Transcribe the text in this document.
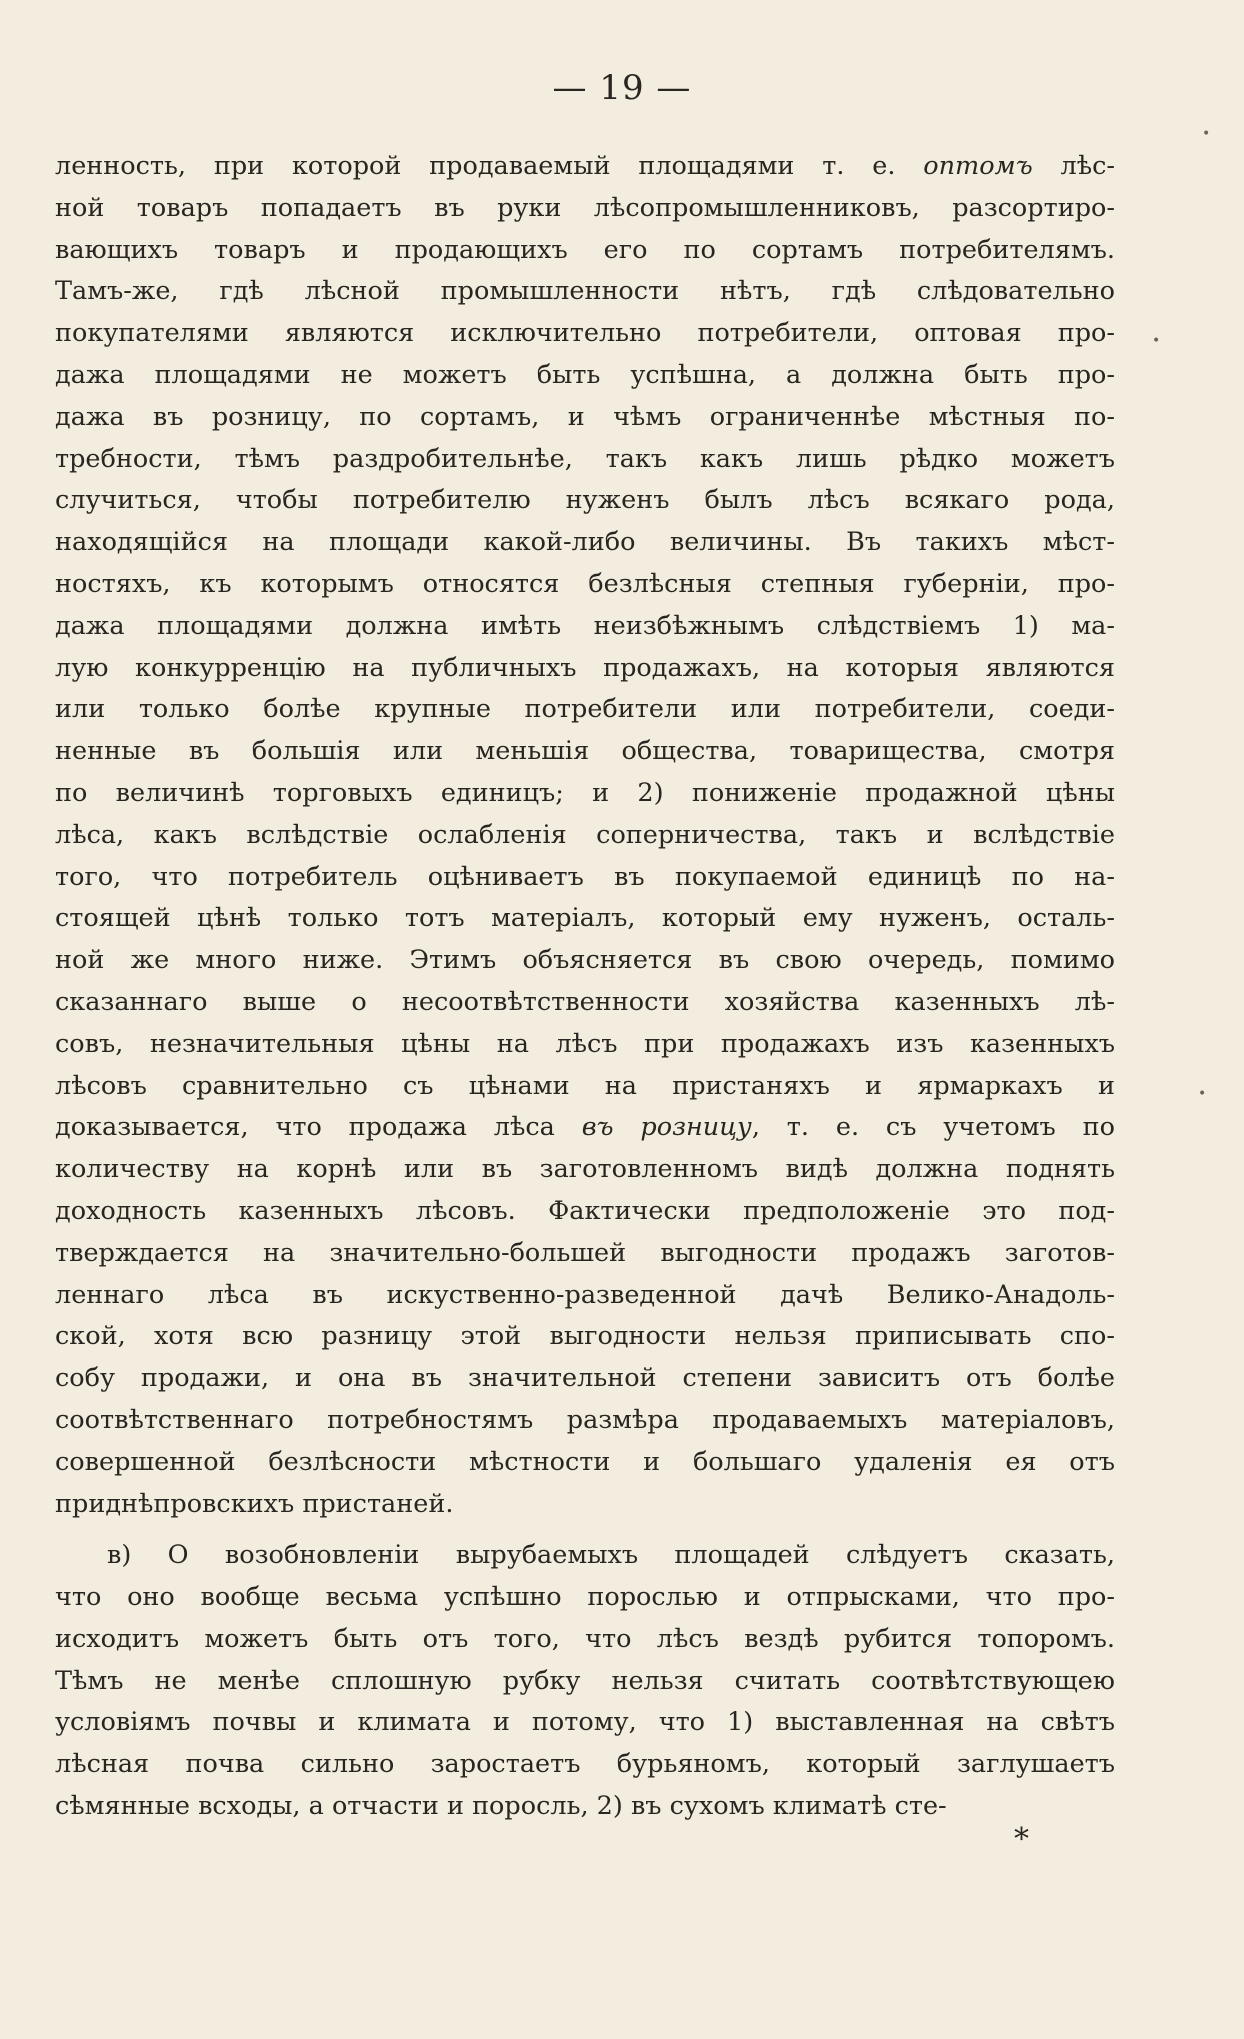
— 19 —
ленность, при которой продаваемый площадями т. е. оптомъ лѣс-
ной товаръ попадаетъ въ руки лѣсопромышленниковъ, разсортиро-
вающихъ товаръ и продающихъ его по сортамъ потребителямъ.
Тамъ-же, гдѣ лѣсной промышленности нѣтъ, гдѣ слѣдовательно
покупателями являются исключительно потребители, оптовая про-
дажа площадями не можетъ быть успѣшна, а должна быть про-
дажа въ розницу, по сортамъ, и чѣмъ ограниченнѣе мѣстныя по-
требности, тѣмъ раздробительнѣе, такъ какъ лишь рѣдко можетъ
случиться, чтобы потребителю нуженъ былъ лѣсъ всякаго рода,
находящійся на площади какой-либо величины. Въ такихъ мѣст-
ностяхъ, къ которымъ относятся безлѣсныя степныя губерніи, про-
дажа площадями должна имѣть неизбѣжнымъ слѣдствіемъ 1) ма-
лую конкурренцію на публичныхъ продажахъ, на которыя являются
или только болѣе крупные потребители или потребители, соеди-
ненные въ большія или меньшія общества, товарищества, смотря
по величинѣ торговыхъ единицъ; и 2) пониженіе продажной цѣны
лѣса, какъ вслѣдствіе ослабленія соперничества, такъ и вслѣдствіе
того, что потребитель оцѣниваетъ въ покупаемой единицѣ по на-
стоящей цѣнѣ только тотъ матеріалъ, который ему нуженъ, осталь-
ной же много ниже. Этимъ объясняется въ свою очередь, помимо
сказаннаго выше о несоотвѣтственности хозяйства казенныхъ лѣ-
совъ, незначительныя цѣны на лѣсъ при продажахъ изъ казенныхъ
лѣсовъ сравнительно съ цѣнами на пристаняхъ и ярмаркахъ и
доказывается, что продажа лѣса въ розницу, т. е. съ учетомъ по
количеству на корнѣ или въ заготовленномъ видѣ должна поднять
доходность казенныхъ лѣсовъ. Фактически предположеніе это под-
тверждается на значительно-большей выгодности продажъ заготов-
леннаго лѣса въ искуственно-разведенной дачѣ Велико-Анадоль-
ской, хотя всю разницу этой выгодности нельзя приписывать спо-
собу продажи, и она въ значительной степени зависитъ отъ болѣе
соотвѣтственнаго потребностямъ размѣра продаваемыхъ матеріаловъ,
совершенной безлѣсности мѣстности и большаго удаленія ея отъ
приднѣпровскихъ пристаней.
в) О возобновленіи вырубаемыхъ площадей слѣдуетъ сказать,
что оно вообще весьма успѣшно порослью и отпрысками, что про-
исходитъ можетъ быть отъ того, что лѣсъ вездѣ рубится топоромъ.
Тѣмъ не менѣе сплошную рубку нельзя считать соотвѣтствующею
условіямъ почвы и климата и потому, что 1) выставленная на свѣтъ
лѣсная почва сильно заростаетъ бурьяномъ, который заглушаетъ
сѣмянные всходы, а отчасти и поросль, 2) въ сухомъ климатѣ сте-
*
•
•
•
